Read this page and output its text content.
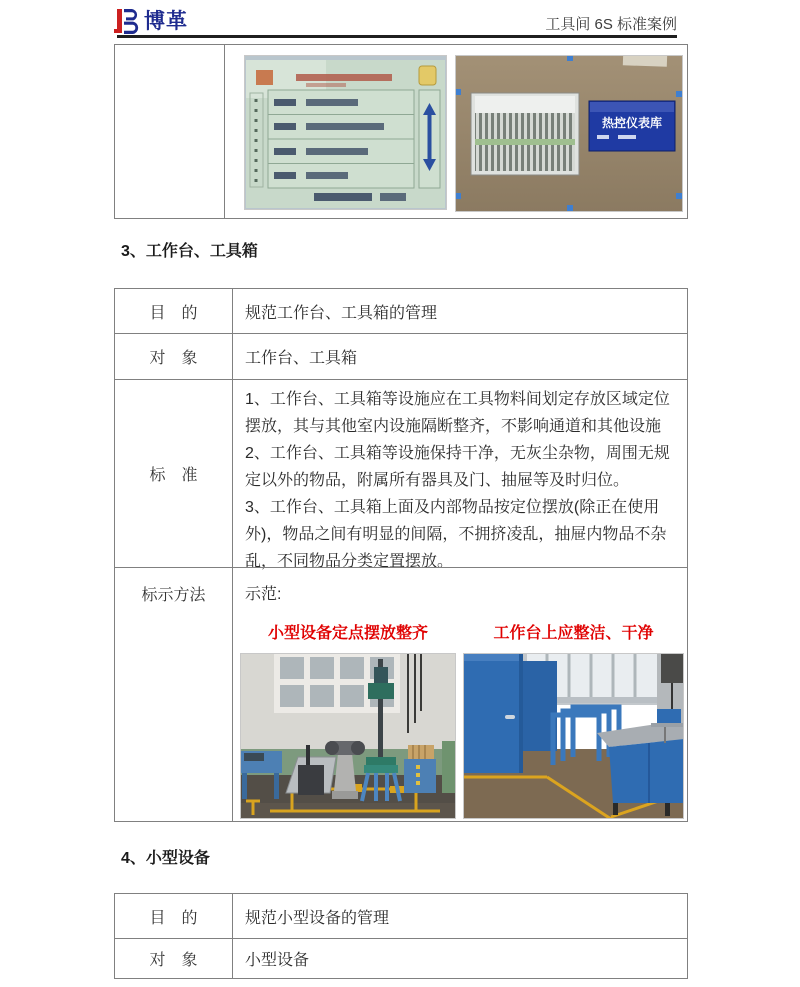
博革	工具间 6S 标准案例
热控仪表库
3、工作台、工具箱
目　的	规范工作台、工具箱的管理
对　象	工作台、工具箱
标　准

1、工作台、工具箱等设施应在工具物料间划定存放区域定位摆放，其与其他室内设施隔断整齐，不影响通道和其他设施

2、工作台、工具箱等设施保持干净，无灰尘杂物，周围无规定以外的物品，附属所有器具及门、抽屉等及时归位。

3、工作台、工具箱上面及内部物品按定位摆放(除正在使用外)，物品之间有明显的间隔，不拥挤凌乱，抽屉内物品不杂乱，不同物品分类定置摆放。

标示方法	示范:
小型设备定点摆放整齐	工作台上应整洁、干净
4、小型设备
目　的	规范小型设备的管理
对　象	小型设备
